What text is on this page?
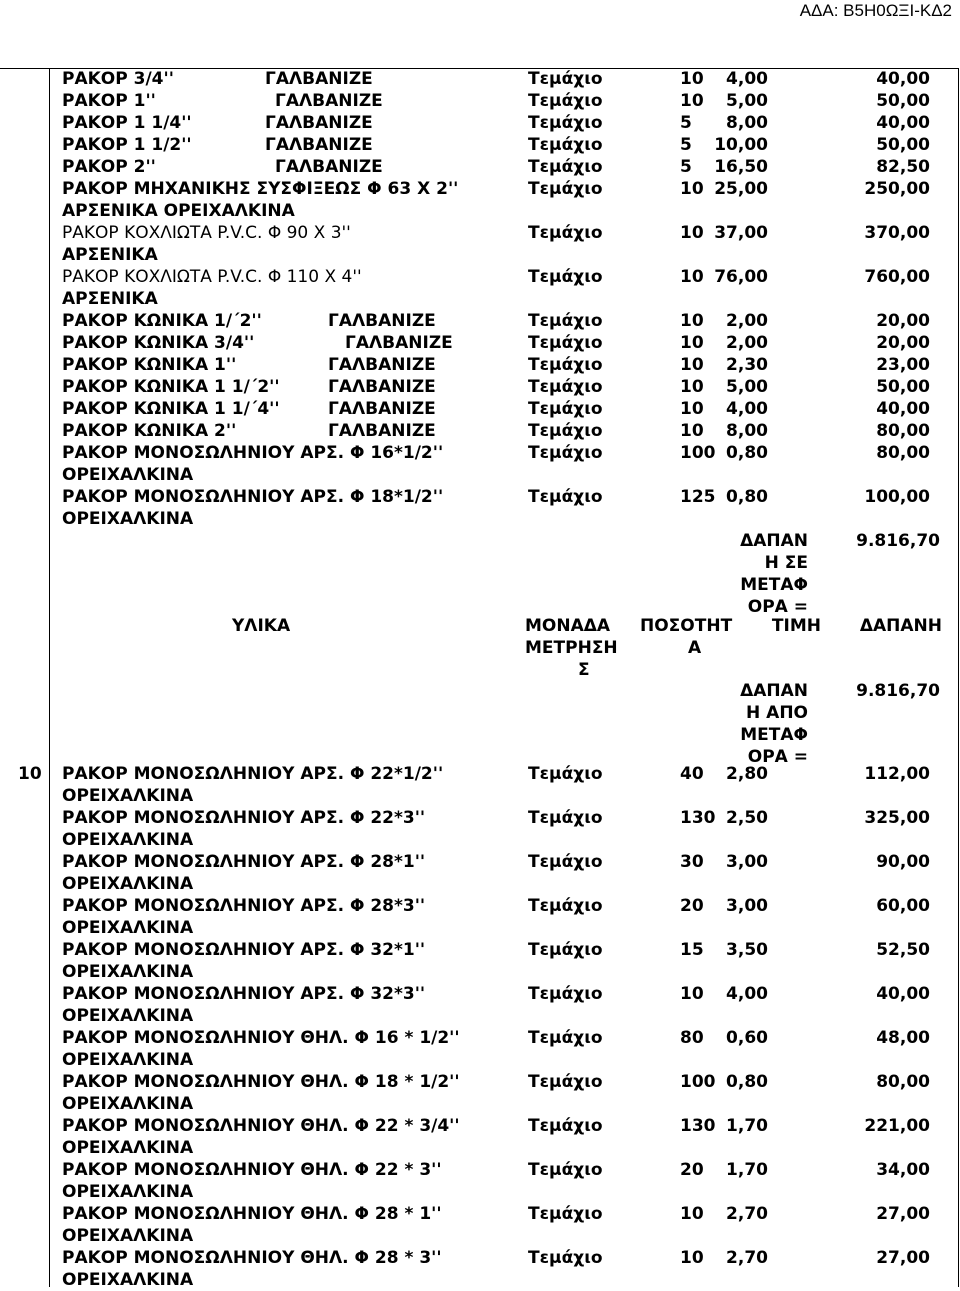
ΑΔΑ: Β5Η0ΩΞΙ-ΚΔ2
ΡΑΚΟΡ 3/4''	ΓΑΛΒΑΝΙΖΕ	Τεμάχιο	10 4,00	40,00
ΡΑΚΟΡ 1''	ΓΑΛΒΑΝΙΖΕ	Τεμάχιο	10 5,00	50,00
ΡΑΚΟΡ 1 1/4''	ΓΑΛΒΑΝΙΖΕ	Τεμάχιο	5 8,00	40,00
ΡΑΚΟΡ 1 1/2''	ΓΑΛΒΑΝΙΖΕ	Τεμάχιο	5 10,00	50,00
ΡΑΚΟΡ 2''	ΓΑΛΒΑΝΙΖΕ	Τεμάχιο	5 16,50	82,50
ΡΑΚΟΡ ΜΗΧΑΝΙΚΗΣ ΣΥΣΦΙΞΕΩΣ Φ 63 Χ 2''
ΑΡΣΕΝΙΚΑ ΟΡΕΙΧΑΛΚΙΝΑ
Τεμάχιο	10 25,00	250,00
ΡΑΚΟΡ ΚΟΧΛΙΩΤΑ P.V.C. Φ 90 Χ 3''
ΑΡΣΕΝΙΚΑ
Τεμάχιο	10 37,00	370,00
ΡΑΚΟΡ ΚΟΧΛΙΩΤΑ P.V.C. Φ 110 Χ 4''
ΑΡΣΕΝΙΚΑ
Τεμάχιο	10 76,00	760,00
ΡΑΚΟΡ ΚΩΝΙΚΑ 1/΄2''	ΓΑΛΒΑΝΙΖΕ	Τεμάχιο	10 2,00	20,00
ΡΑΚΟΡ ΚΩΝΙΚΑ 3/4''	ΓΑΛΒΑΝΙΖΕ	Τεμάχιο	10 2,00	20,00
ΡΑΚΟΡ ΚΩΝΙΚΑ 1''	ΓΑΛΒΑΝΙΖΕ	Τεμάχιο	10 2,30	23,00
ΡΑΚΟΡ ΚΩΝΙΚΑ 1 1/΄2''	ΓΑΛΒΑΝΙΖΕ	Τεμάχιο	10 5,00	50,00
ΡΑΚΟΡ ΚΩΝΙΚΑ 1 1/΄4''	ΓΑΛΒΑΝΙΖΕ	Τεμάχιο	10 4,00	40,00
ΡΑΚΟΡ ΚΩΝΙΚΑ 2''	ΓΑΛΒΑΝΙΖΕ	Τεμάχιο	10 8,00	80,00
ΡΑΚΟΡ ΜΟΝΟΣΩΛΗΝΙΟΥ ΑΡΣ. Φ 16*1/2''
ΟΡΕΙΧΑΛΚΙΝΑ
Τεμάχιο	100 0,80	80,00
ΡΑΚΟΡ ΜΟΝΟΣΩΛΗΝΙΟΥ ΑΡΣ. Φ 18*1/2''
ΟΡΕΙΧΑΛΚΙΝΑ
Τεμάχιο	125 0,80	100,00
ΔΑΠΑΝ
Η ΣΕ
ΜΕΤΑΦ
ΟΡΑ =
9.816,70
ΥΛΙΚΑ	ΜΟΝΑΔΑ
ΜΕΤΡΗΣΗ
Σ
ΠΟΣΟΤΗΤ
Α
ΤΙΜΗ ΔΑΠΑΝΗ
ΔΑΠΑΝ
Η ΑΠΟ
ΜΕΤΑΦ
ΟΡΑ =
9.816,70
10 ΡΑΚΟΡ ΜΟΝΟΣΩΛΗΝΙΟΥ ΑΡΣ. Φ 22*1/2''
ΟΡΕΙΧΑΛΚΙΝΑ
Τεμάχιο	40 2,80	112,00
ΡΑΚΟΡ ΜΟΝΟΣΩΛΗΝΙΟΥ ΑΡΣ. Φ 22*3''
ΟΡΕΙΧΑΛΚΙΝΑ
Τεμάχιο	130 2,50	325,00
ΡΑΚΟΡ ΜΟΝΟΣΩΛΗΝΙΟΥ ΑΡΣ. Φ 28*1''
ΟΡΕΙΧΑΛΚΙΝΑ
Τεμάχιο	30 3,00	90,00
ΡΑΚΟΡ ΜΟΝΟΣΩΛΗΝΙΟΥ ΑΡΣ. Φ 28*3''
ΟΡΕΙΧΑΛΚΙΝΑ
Τεμάχιο	20 3,00	60,00
ΡΑΚΟΡ ΜΟΝΟΣΩΛΗΝΙΟΥ ΑΡΣ. Φ 32*1''
ΟΡΕΙΧΑΛΚΙΝΑ
Τεμάχιο	15 3,50	52,50
ΡΑΚΟΡ ΜΟΝΟΣΩΛΗΝΙΟΥ ΑΡΣ. Φ 32*3''
ΟΡΕΙΧΑΛΚΙΝΑ
Τεμάχιο	10 4,00	40,00
ΡΑΚΟΡ ΜΟΝΟΣΩΛΗΝΙΟΥ ΘΗΛ. Φ 16 * 1/2''
ΟΡΕΙΧΑΛΚΙΝΑ
Τεμάχιο	80 0,60	48,00
ΡΑΚΟΡ ΜΟΝΟΣΩΛΗΝΙΟΥ ΘΗΛ. Φ 18 * 1/2''
ΟΡΕΙΧΑΛΚΙΝΑ
Τεμάχιο	100 0,80	80,00
ΡΑΚΟΡ ΜΟΝΟΣΩΛΗΝΙΟΥ ΘΗΛ. Φ 22 * 3/4''
ΟΡΕΙΧΑΛΚΙΝΑ
Τεμάχιο	130 1,70	221,00
ΡΑΚΟΡ ΜΟΝΟΣΩΛΗΝΙΟΥ ΘΗΛ. Φ 22 * 3''
ΟΡΕΙΧΑΛΚΙΝΑ
Τεμάχιο	20 1,70	34,00
ΡΑΚΟΡ ΜΟΝΟΣΩΛΗΝΙΟΥ ΘΗΛ. Φ 28 * 1''
ΟΡΕΙΧΑΛΚΙΝΑ
Τεμάχιο	10 2,70	27,00
ΡΑΚΟΡ ΜΟΝΟΣΩΛΗΝΙΟΥ ΘΗΛ. Φ 28 * 3''
ΟΡΕΙΧΑΛΚΙΝΑ
Τεμάχιο	10 2,70	27,00
